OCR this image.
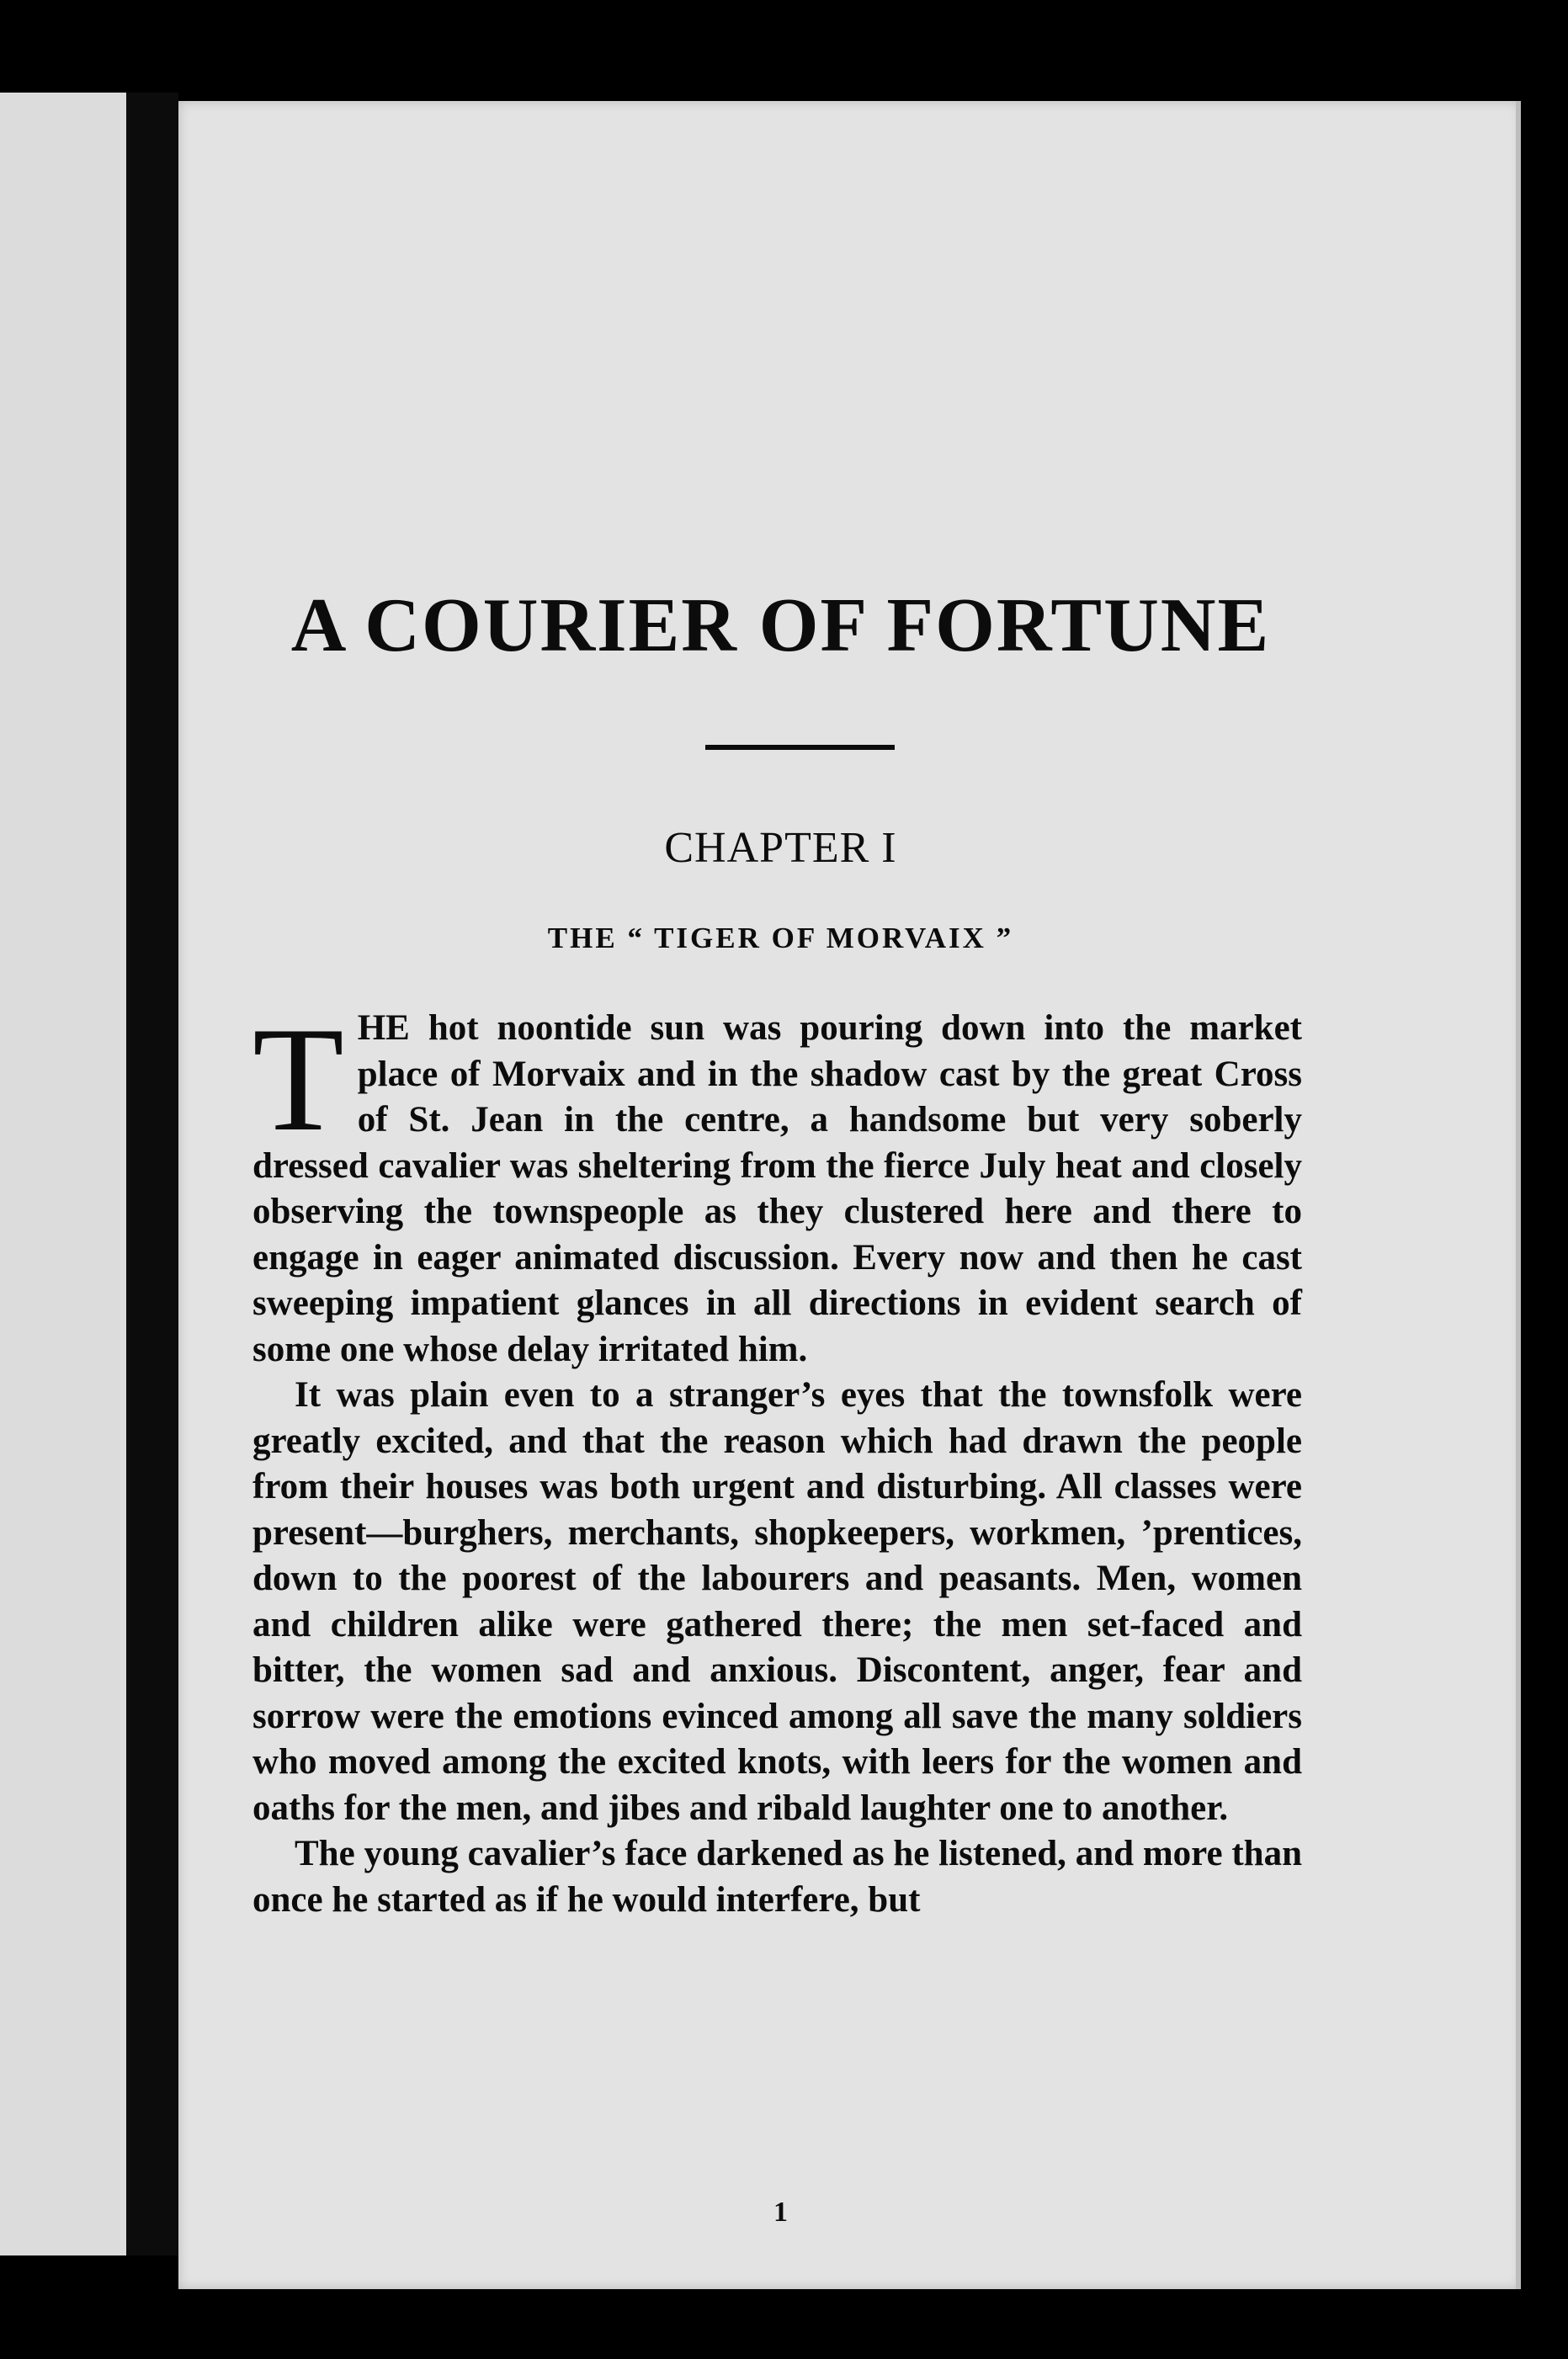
A COURIER OF FORTUNE
CHAPTER I
THE “ TIGER OF MORVAIX ”

THE hot noontide sun was pouring down into the market place of Morvaix and in the shadow cast by the great Cross of St. Jean in the centre, a handsome but very soberly dressed cavalier was sheltering from the fierce July heat and closely observing the townspeople as they clustered here and there to engage in eager animated discussion. Every now and then he cast sweeping impatient glances in all directions in evident search of some one whose delay irritated him.

It was plain even to a stranger’s eyes that the townsfolk were greatly excited, and that the reason which had drawn the people from their houses was both urgent and disturbing. All classes were present—burghers, merchants, shopkeepers, workmen, ’prentices, down to the poorest of the labourers and peasants. Men, women and children alike were gathered there; the men set-faced and bitter, the women sad and anxious. Discontent, anger, fear and sorrow were the emotions evinced among all save the many soldiers who moved among the excited knots, with leers for the women and oaths for the men, and jibes and ribald laughter one to another.

The young cavalier’s face darkened as he listened, and more than once he started as if he would interfere, but

1
